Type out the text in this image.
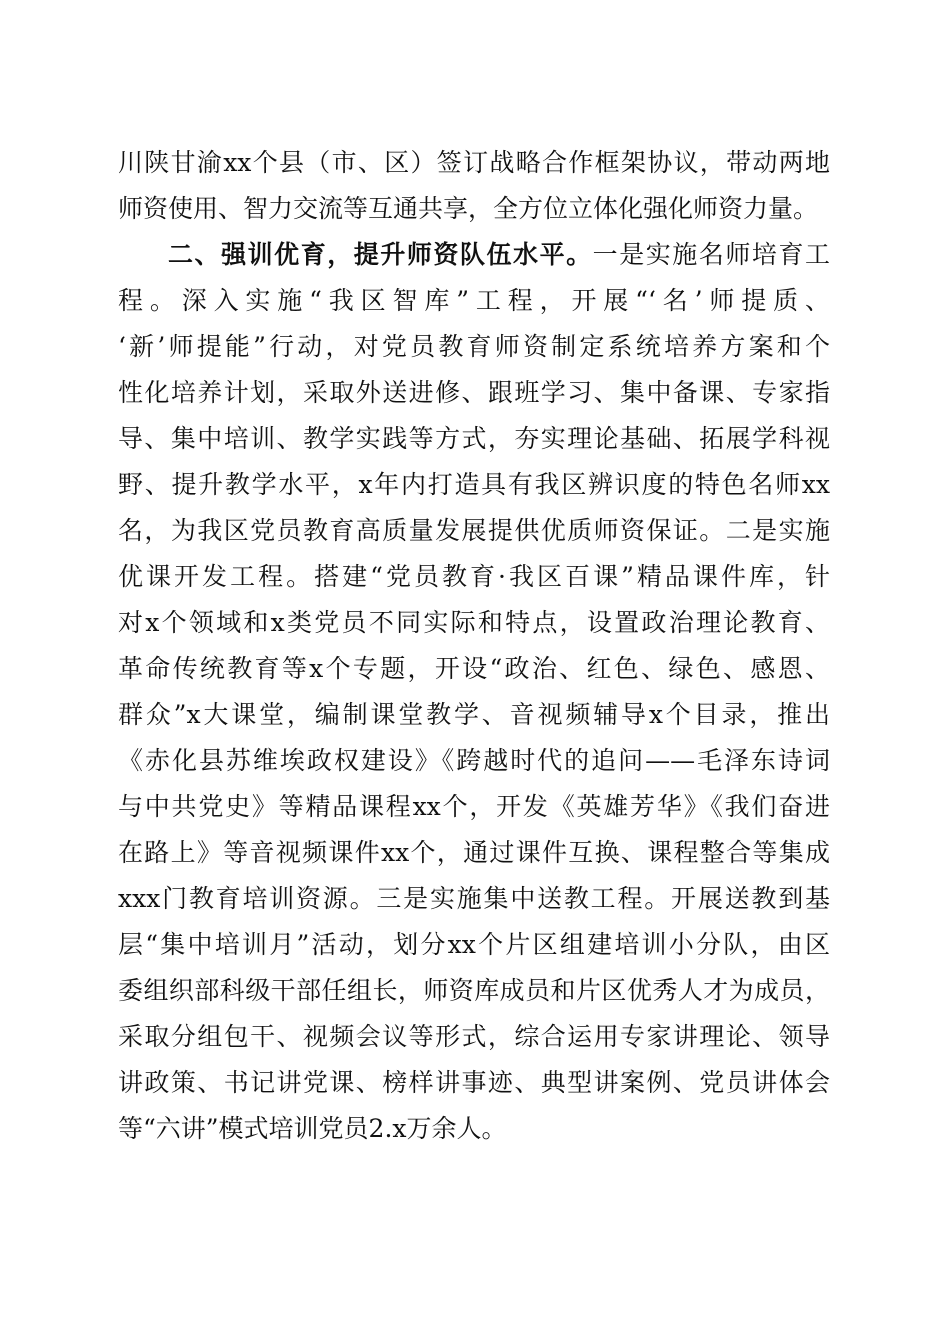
川陕甘渝xx个县（市、区）签订战略合作框架协议，带动两地
师资使用、智力交流等互通共享，全方位立体化强化师资力量。
二、强训优育，提升师资队伍水平。一是实施名师培育工
程。深入实施“我区智库”工程，开展“‘名’师提质、
‘新’师提能”行动，对党员教育师资制定系统培养方案和个
性化培养计划，采取外送进修、跟班学习、集中备课、专家指
导、集中培训、教学实践等方式，夯实理论基础、拓展学科视
野、提升教学水平，x年内打造具有我区辨识度的特色名师xx
名，为我区党员教育高质量发展提供优质师资保证。二是实施
优课开发工程。搭建“党员教育·我区百课”精品课件库，针
对x个领域和x类党员不同实际和特点，设置政治理论教育、
革命传统教育等x个专题，开设“政治、红色、绿色、感恩、
群众”x大课堂，编制课堂教学、音视频辅导x个目录，推出
《赤化县苏维埃政权建设》《跨越时代的追问——毛泽东诗词
与中共党史》等精品课程xx个，开发《英雄芳华》《我们奋进
在路上》等音视频课件xx个，通过课件互换、课程整合等集成
xxx门教育培训资源。三是实施集中送教工程。开展送教到基
层“集中培训月”活动，划分xx个片区组建培训小分队，由区
委组织部科级干部任组长，师资库成员和片区优秀人才为成员，
采取分组包干、视频会议等形式，综合运用专家讲理论、领导
讲政策、书记讲党课、榜样讲事迹、典型讲案例、党员讲体会
等“六讲”模式培训党员2.x万余人。
